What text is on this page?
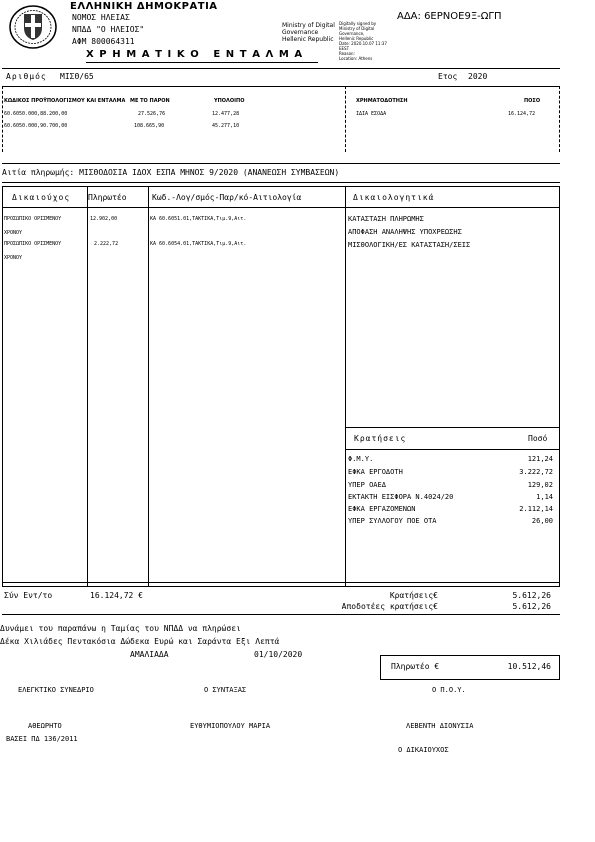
ΕΛΛΗΝΙΚΗ ΔΗΜΟΚΡΑΤΙΑ
ΝΟΜΟΣ ΗΛΕΙΑΣ
ΝΠΔΔ "Ο ΗΛΕΙΟΣ"
ΑΦΜ 800064311
ΧΡΗΜΑΤΙΚΟ ΕΝΤΑΛΜΑ
Ministry of Digital
Governance
Hellenic Republic
Digitally signed by
Ministry of Digital
Governance,
Hellenic Republic
Date: 2020.10.07 11:37
EEST
Reason:
Location: Athens
ΑΔΑ: 6ΕΡΝΟΕ9Ξ-ΩΓΠ
Αριθμός ΜΙΣΘ/65	Ετος 2020
ΚΩΔΙΚΟΣ ΠΡΟΫΠΟΛΟΓΙΣΜΟΥ ΚΑΙ ΕΝΤΑΛΜΑ ΜΕ ΤΟ ΠΑΡΟΝ	ΥΠΟΛΟΙΠΟ	ΧΡΗΜΑΤΟΔΟΤΗΣΗ	ΠΟΣΟ
60.6050.000,88.200,00	27.526,76	12.477,28
60.6050.000,90.700,00	108.665,90	45.277,10
ΙΔΙΑ ΕΣΟΔΑ	16.124,72
Αιτία πληρωμής: ΜΙΣΘΟΔΟΣΙΑ ΙΔΟΧ ΕΣΠΑ ΜΗΝΟΣ 9/2020 (ΑΝΑΝΕΩΣΗ ΣΥΜΒΑΣΕΩΝ)
Δικαιούχος Πληρωτέο	Κωδ.-Λογ/σμός-Παρ/κό-Αιτιολογία	Δικαιολογητικά
ΠΡΟΣΩΠΙΚΟ ΟΡΙΣΜΕΝΟΥ	12.902,00	ΚΑ 60.6051.01,ΤΑΚΤΙΚΑ,Τιμ.9,Αιτ.
ΧΡΟΝΟΥ
ΠΡΟΣΩΠΙΚΟ ΟΡΙΣΜΕΝΟΥ	2.222,72	ΚΑ 60.6054.01,ΤΑΚΤΙΚΑ,Τιμ.9,Αιτ.
ΧΡΟΝΟΥ
ΚΑΤΑΣΤΑΣΗ ΠΛΗΡΩΜΗΣ
ΑΠΟΦΑΣΗ ΑΝΑΛΗΨΗΣ ΥΠΟΧΡΕΩΣΗΣ
ΜΙΣΘΟΛΟΓΙΚΗ/ΕΣ ΚΑΤΑΣΤΑΣΗ/ΣΕΙΣ
Κρατήσεις	Ποσό
Φ.Μ.Υ.	121,24
ΕΦΚΑ ΕΡΓΟΔΟΤΗ	3.222,72
ΥΠΕΡ ΟΑΕΔ	129,02
ΕΚΤΑΚΤΗ ΕΙΣΦΟΡΑ Ν.4024/20	1,14
ΕΦΚΑ ΕΡΓΑΖΟΜΕΝΩΝ	2.112,14
ΥΠΕΡ ΣΥΛΛΟΓΟΥ ΠΟΕ ΟΤΑ	26,00
Σύν Εντ/το	16.124,72 €	Κρατήσεις€	5.612,26
Αποδοτέες κρατήσεις€	5.612,26
Δυνάμει του παραπάνω η Ταμίας του ΝΠΔΔ να πληρώσει
Δέκα Χιλιάδες Πεντακόσια Δώδεκα Ευρώ και Σαράντα Εξι Λεπτά
ΑΜΑΛΙΑΔΑ	01/10/2020
Πληρωτέο €	10.512,46
ΕΛΕΓΚΤΙΚΟ ΣΥΝΕΔΡΙΟ	Ο ΣΥΝΤΑΞΑΣ	Ο Π.Ο.Υ.
ΑΘΕΩΡΗΤΟ	ΕΥΘΥΜΙΟΠΟΥΛΟΥ ΜΑΡΙΑ	ΛΕΒΕΝΤΗ ΔΙΟΝΥΣΙΑ
ΒΑΣΕΙ ΠΔ 136/2011
Ο ΔΙΚΑΙΟΥΧΟΣ
